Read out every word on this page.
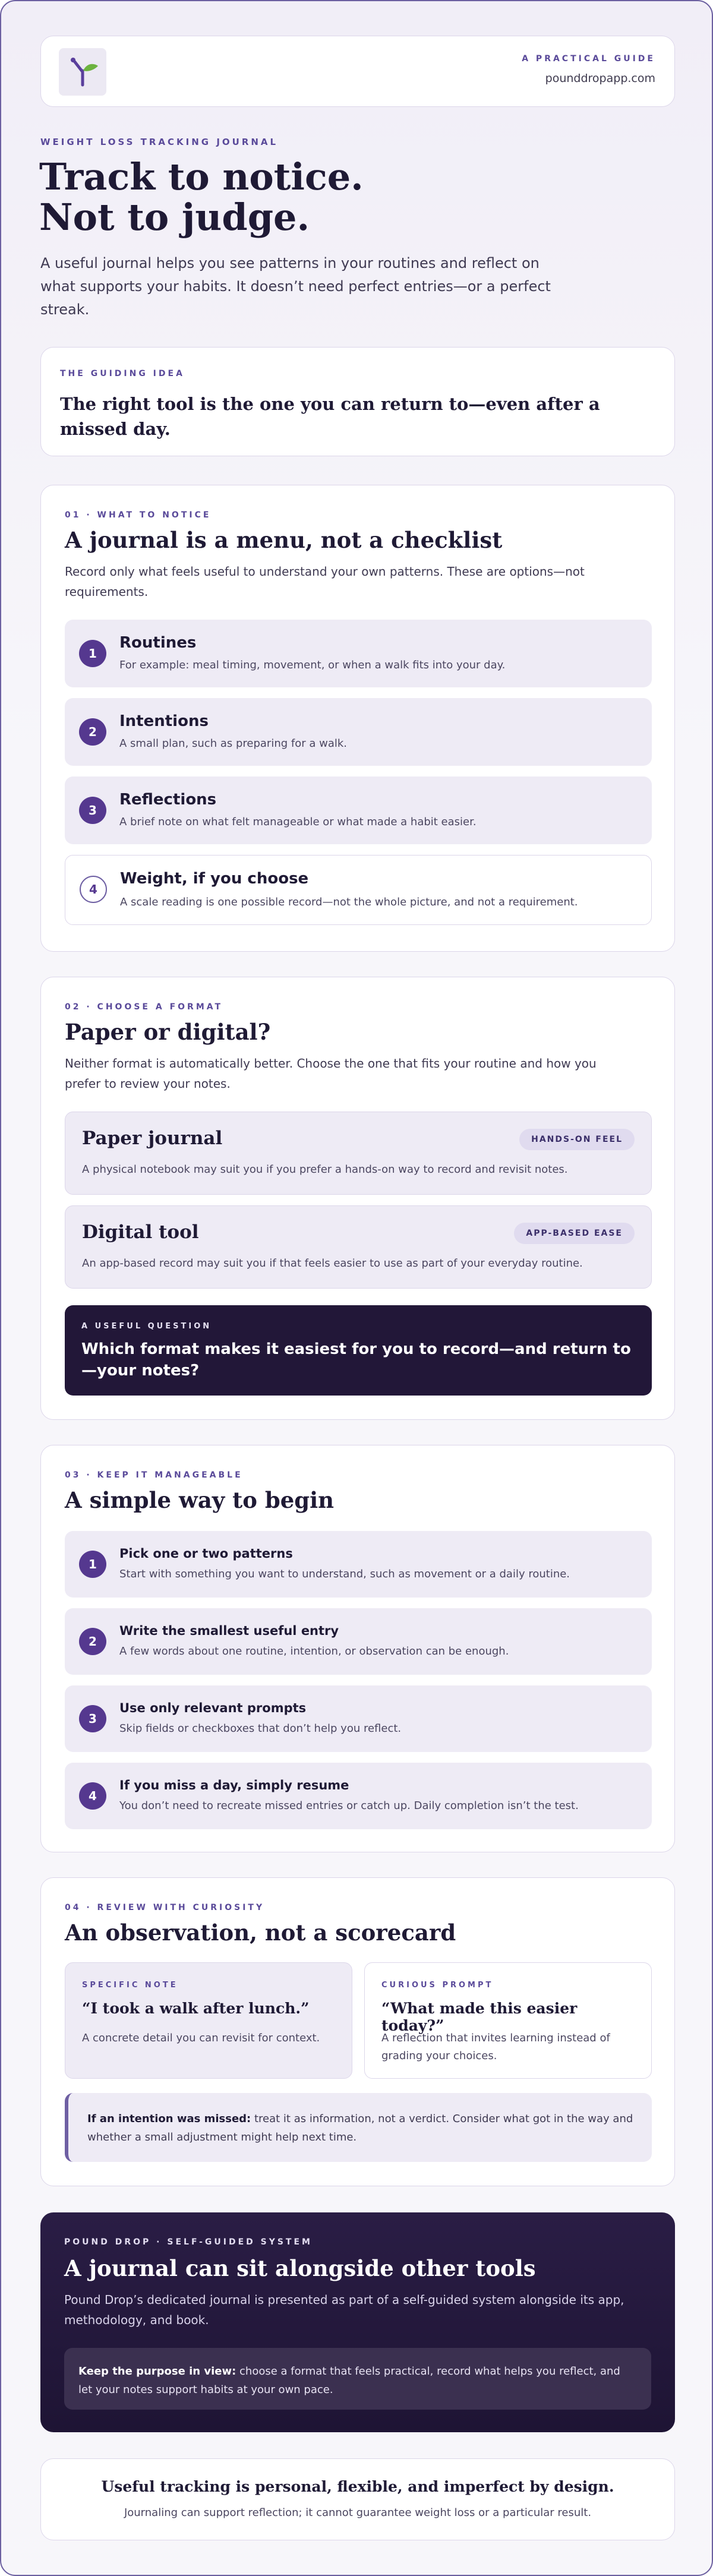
A PRACTICAL GUIDE
pounddropapp.com
WEIGHT LOSS TRACKING JOURNAL
Track to notice.
Not to judge.

A useful journal helps you see patterns in your routines and reflect on what supports your habits. It doesn’t need perfect entries—or a perfect streak.

THE GUIDING IDEA
The right tool is the one you can return to—even after a missed day.
01 · WHAT TO NOTICE
A journal is a menu, not a checklist

Record only what feels useful to understand your own patterns. These are options—not requirements.

1
Routines
For example: meal timing, movement, or when a walk fits into your day.
2
Intentions
A small plan, such as preparing for a walk.
3
Reflections
A brief note on what felt manageable or what made a habit easier.
4
Weight, if you choose
A scale reading is one possible record—not the whole picture, and not a requirement.
02 · CHOOSE A FORMAT
Paper or digital?

Neither format is automatically better. Choose the one that fits your routine and how you prefer to review your notes.

Paper journal	HANDS-ON FEEL
A physical notebook may suit you if you prefer a hands-on way to record and revisit notes.
Digital tool	APP-BASED EASE
An app-based record may suit you if that feels easier to use as part of your everyday routine.
A USEFUL QUESTION
Which format makes it easiest for you to record—and return to—your notes?
03 · KEEP IT MANAGEABLE
A simple way to begin
1
Pick one or two patterns
Start with something you want to understand, such as movement or a daily routine.
2
Write the smallest useful entry
A few words about one routine, intention, or observation can be enough.
3
Use only relevant prompts
Skip fields or checkboxes that don’t help you reflect.
4
If you miss a day, simply resume
You don’t need to recreate missed entries or catch up. Daily completion isn’t the test.
04 · REVIEW WITH CURIOSITY
An observation, not a scorecard
SPECIFIC NOTE
“I took a walk after lunch.”
A concrete detail you can revisit for context.
CURIOUS PROMPT
“What made this easier today?”
A reflection that invites learning instead of grading your choices.
If an intention was missed: treat it as information, not a verdict. Consider what got in the way and whether a small adjustment might help next time.
POUND DROP · SELF-GUIDED SYSTEM
A journal can sit alongside other tools

Pound Drop’s dedicated journal is presented as part of a self-guided system alongside its app, methodology, and book.

Keep the purpose in view: choose a format that feels practical, record what helps you reflect, and let your notes support habits at your own pace.
Useful tracking is personal, flexible, and imperfect by design.
Journaling can support reflection; it cannot guarantee weight loss or a particular result.
